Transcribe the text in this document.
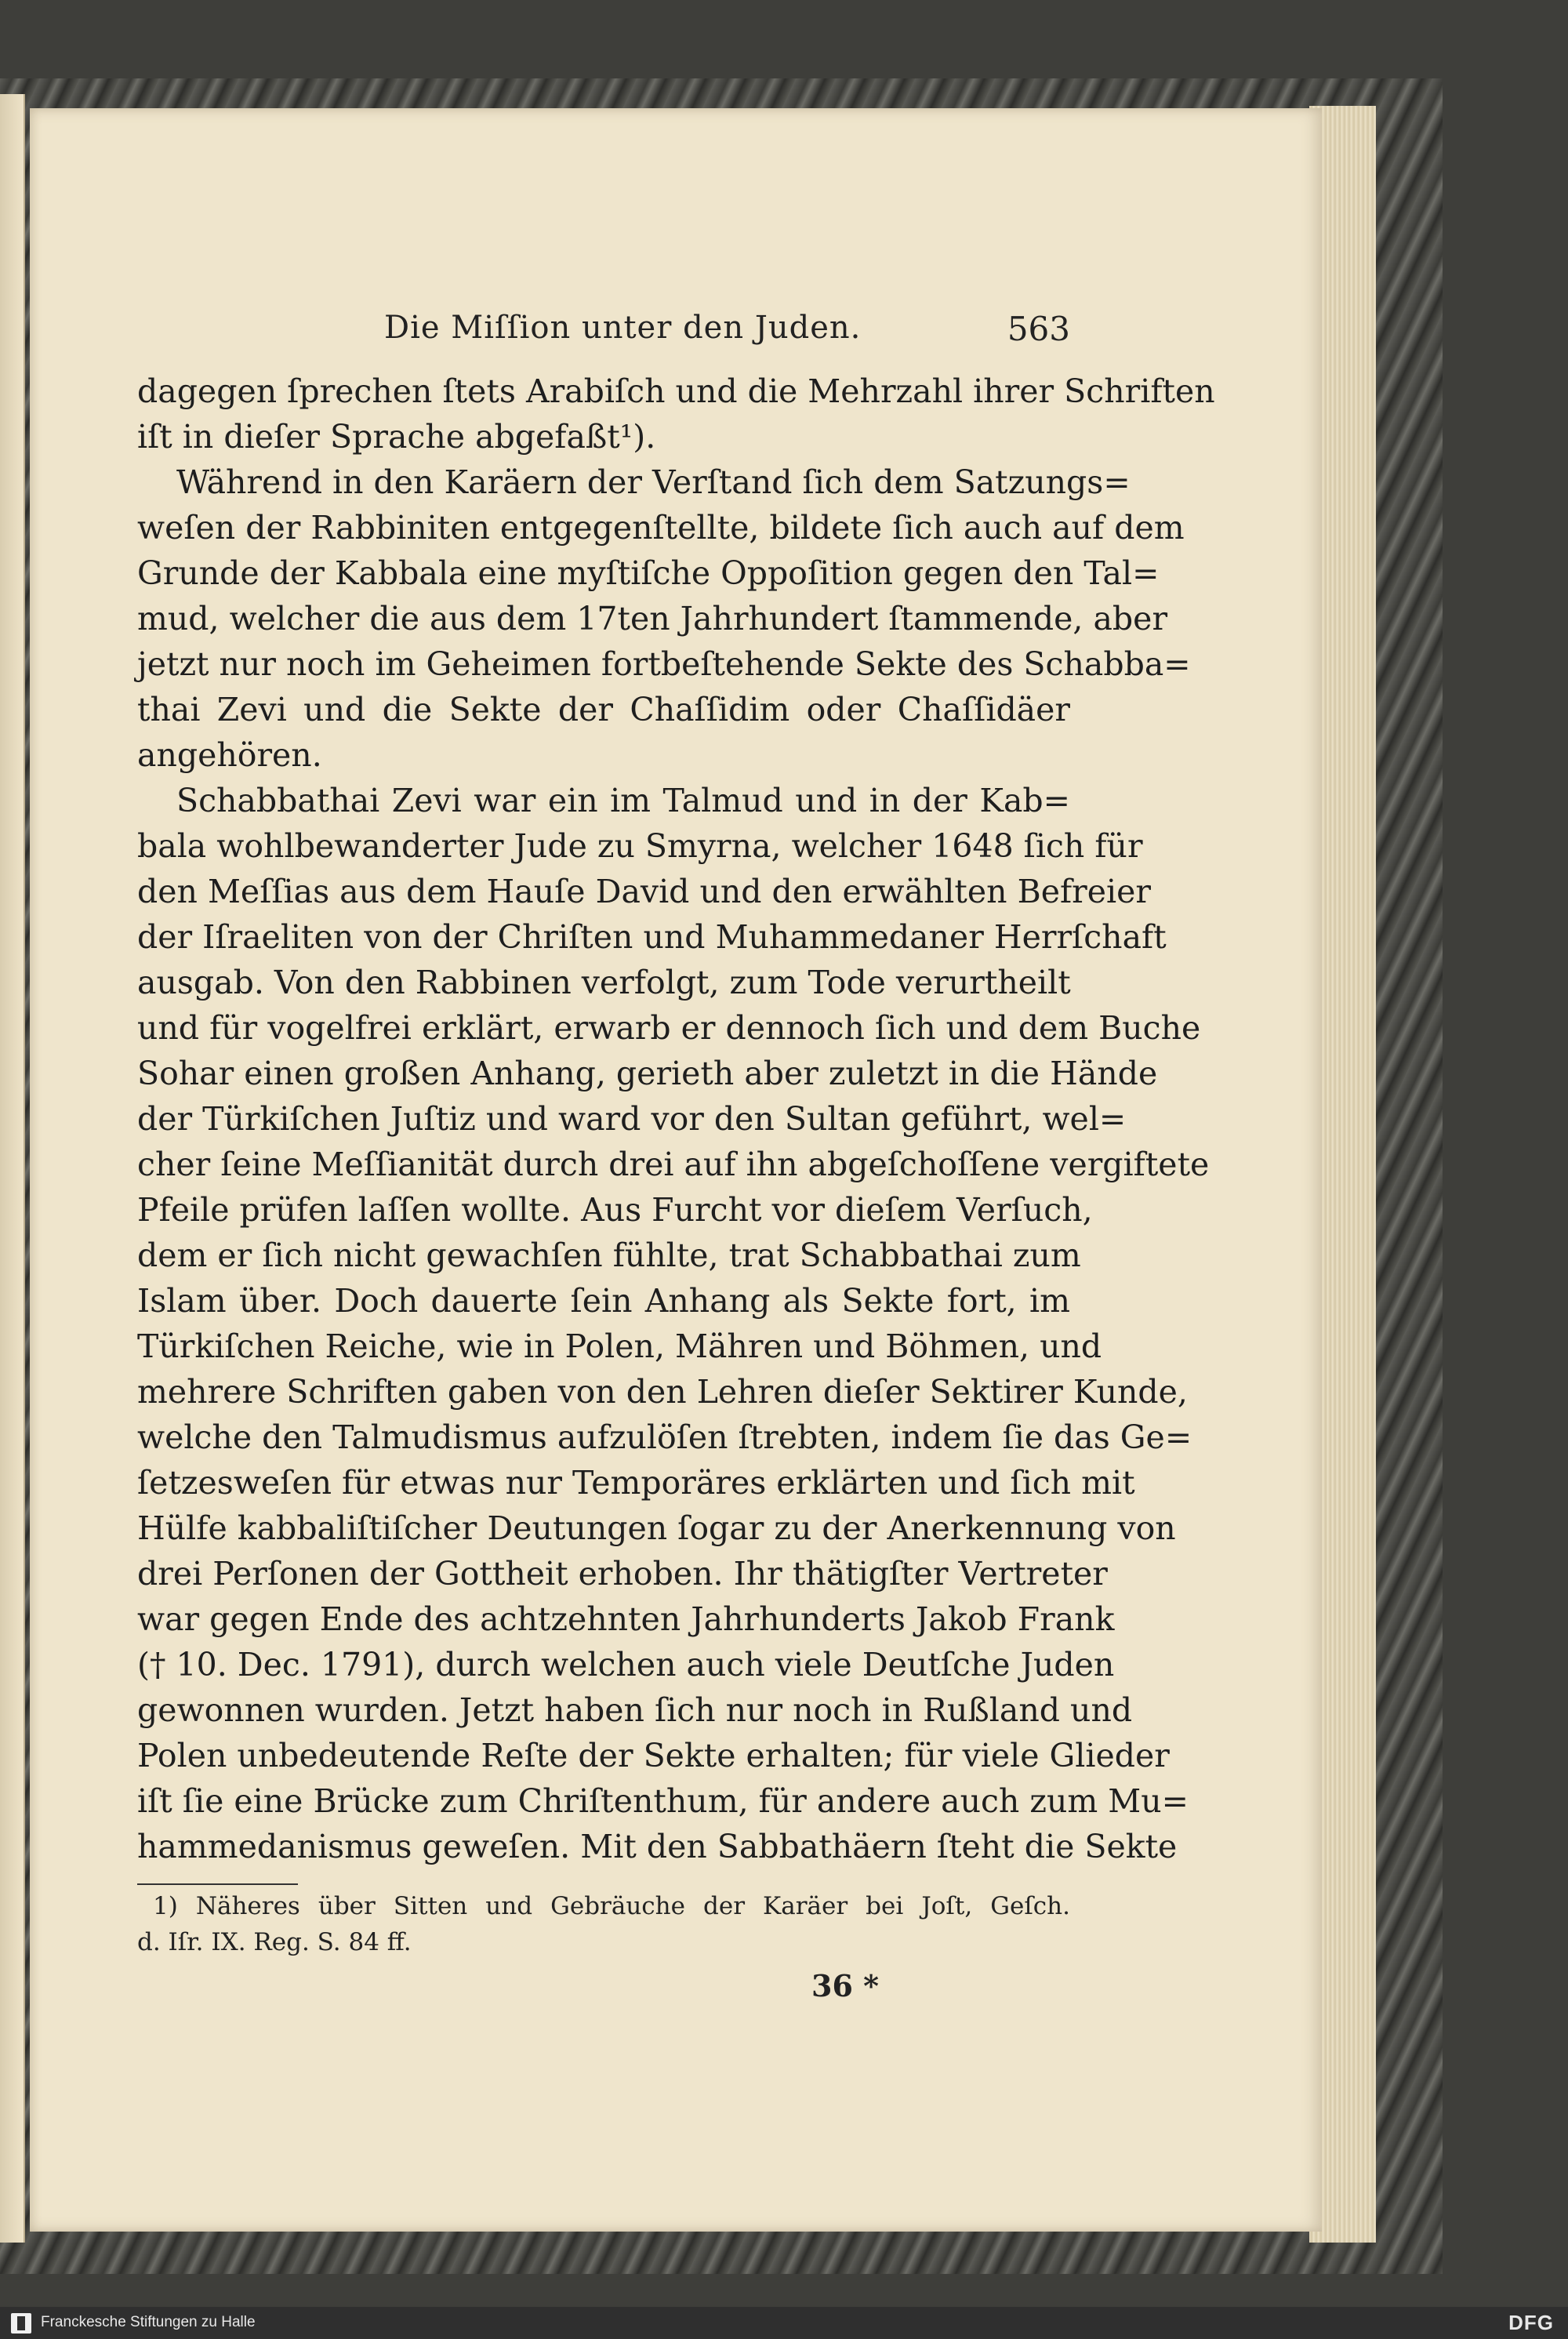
Die Miſſion unter den Juden.	563
dagegen ſprechen ſtets Arabiſch und die Mehrzahl ihrer Schriften
iſt in dieſer Sprache abgefaßt¹).
Während in den Karäern der Verſtand ſich dem Satzungs=
weſen der Rabbiniten entgegenſtellte, bildete ſich auch auf dem
Grunde der Kabbala eine myſtiſche Oppoſition gegen den Tal=
mud, welcher die aus dem 17ten Jahrhundert ſtammende, aber
jetzt nur noch im Geheimen fortbeſtehende Sekte des Schabba=
thai Zevi und die Sekte der Chaſſidim oder Chaſſidäer
angehören.
Schabbathai Zevi war ein im Talmud und in der Kab=
bala wohlbewanderter Jude zu Smyrna, welcher 1648 ſich für
den Meſſias aus dem Hauſe David und den erwählten Befreier
der Iſraeliten von der Chriſten und Muhammedaner Herrſchaft
ausgab. Von den Rabbinen verfolgt, zum Tode verurtheilt
und für vogelfrei erklärt, erwarb er dennoch ſich und dem Buche
Sohar einen großen Anhang, gerieth aber zuletzt in die Hände
der Türkiſchen Juſtiz und ward vor den Sultan geführt, wel=
cher ſeine Meſſianität durch drei auf ihn abgeſchoſſene vergiftete
Pfeile prüfen laſſen wollte. Aus Furcht vor dieſem Verſuch,
dem er ſich nicht gewachſen fühlte, trat Schabbathai zum
Islam über. Doch dauerte ſein Anhang als Sekte fort, im
Türkiſchen Reiche, wie in Polen, Mähren und Böhmen, und
mehrere Schriften gaben von den Lehren dieſer Sektirer Kunde,
welche den Talmudismus aufzulöſen ſtrebten, indem ſie das Ge=
ſetzesweſen für etwas nur Temporäres erklärten und ſich mit
Hülfe kabbaliſtiſcher Deutungen ſogar zu der Anerkennung von
drei Perſonen der Gottheit erhoben. Ihr thätigſter Vertreter
war gegen Ende des achtzehnten Jahrhunderts Jakob Frank
(† 10. Dec. 1791), durch welchen auch viele Deutſche Juden
gewonnen wurden. Jetzt haben ſich nur noch in Rußland und
Polen unbedeutende Reſte der Sekte erhalten; für viele Glieder
iſt ſie eine Brücke zum Chriſtenthum, für andere auch zum Mu=
hammedanismus geweſen. Mit den Sabbathäern ſteht die Sekte
1) Näheres über Sitten und Gebräuche der Karäer bei Joſt, Geſch.
d. Iſr. IX. Reg. S. 84 ff.
36 *
Franckesche Stiftungen zu Halle	DFG
